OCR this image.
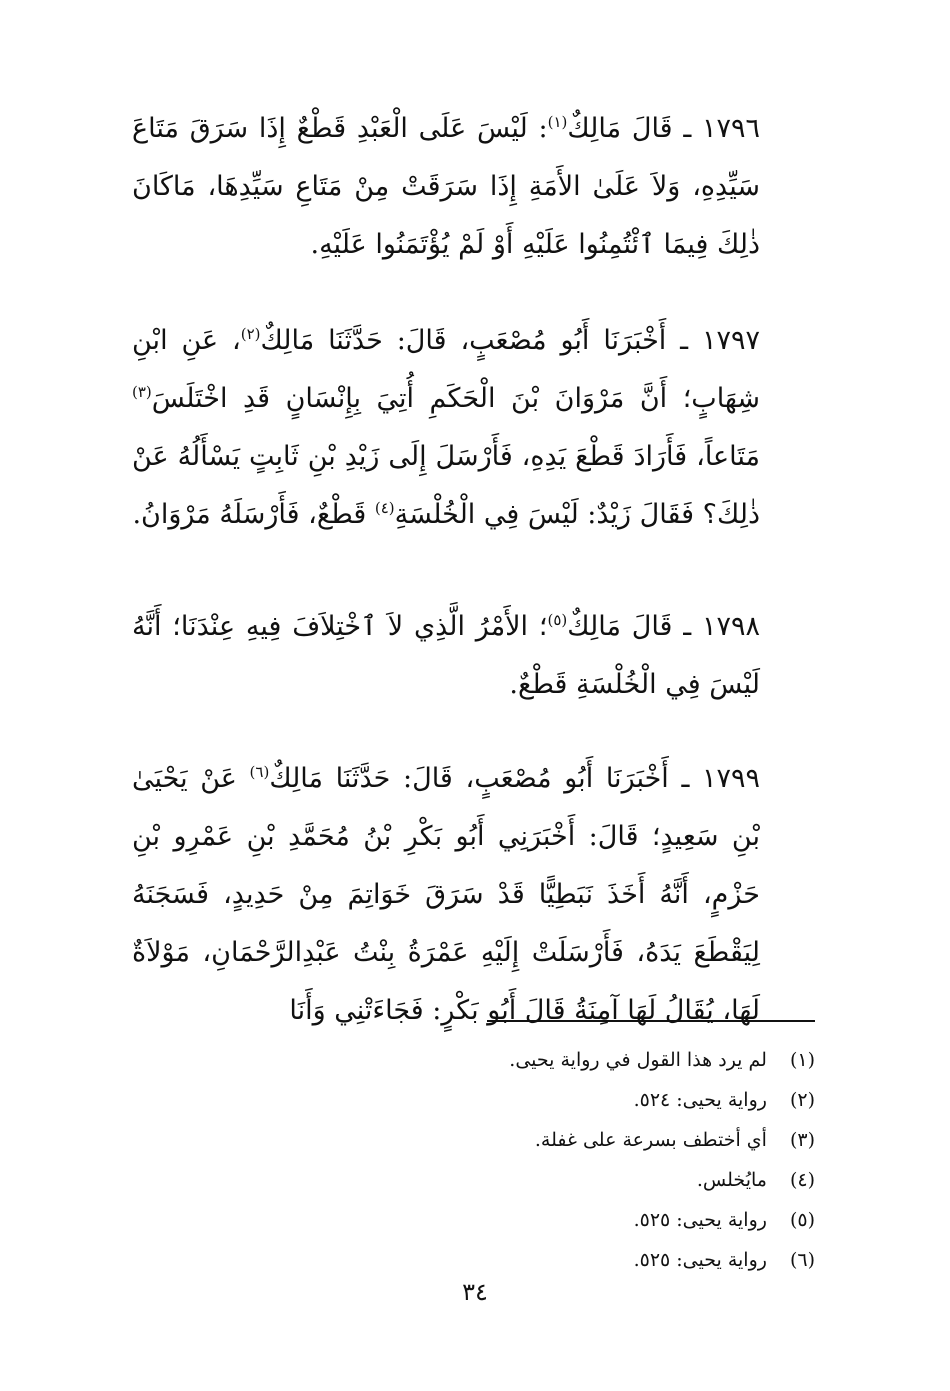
١٧٩٦ ـ قَالَ مَالِكٌ$^{(١)}$: لَيْسَ عَلَى الْعَبْدِ قَطْعٌ إِذَا سَرَقَ مَتَاعَ سَيِّدِهِ، وَلاَ عَلَىٰ الأَمَةِ إِذَا سَرَقَتْ مِنْ مَتَاعِ سَيِّدِهَا، مَاكَانَ ذٰلِكَ فِيمَا ٱئْتُمِنُوا عَلَيْهِ أَوْ لَمْ يُؤْتَمَنُوا عَلَيْهِ.

١٧٩٧ ـ أَخْبَرَنَا أَبُو مُصْعَبٍ، قَالَ: حَدَّثَنَا مَالِكٌ$^{(٢)}$، عَنِ ابْنِ شِهَابٍ؛ أَنَّ مَرْوَانَ بْنَ الْحَكَمِ أُتِيَ بِإِنْسَانٍ قَدِ اخْتَلَسَ$^{(٣)}$ مَتَاعاً، فَأَرَادَ قَطْعَ يَدِهِ، فَأَرْسَلَ إِلَى زَيْدِ بْنِ ثَابِتٍ يَسْأَلُهُ عَنْ ذٰلِكَ؟ فَقَالَ زَيْدٌ: لَيْسَ فِي الْخُلْسَةِ$^{(٤)}$ قَطْعٌ، فَأَرْسَلَهُ مَرْوَانُ.

١٧٩٨ ـ قَالَ مَالِكٌ$^{(٥)}$؛ الأَمْرُ الَّذِي لاَ ٱخْتِلاَفَ فِيهِ عِنْدَنَا؛ أَنَّهُ لَيْسَ فِي الْخُلْسَةِ قَطْعٌ.

١٧٩٩ ـ أَخْبَرَنَا أَبُو مُصْعَبٍ، قَالَ: حَدَّثَنَا مَالِكٌ$^{(٦)}$ عَنْ يَحْيَىٰ بْنِ سَعِيدٍ؛ قَالَ: أَخْبَرَنِي أَبُو بَكْرِ بْنُ مُحَمَّدِ بْنِ عَمْرِو بْنِ حَزْمٍ، أَنَّهُ أَخَذَ نَبَطِيًّا قَدْ سَرَقَ خَوَاتِمَ مِنْ حَدِيدٍ، فَسَجَنَهُ لِيَقْطَعَ يَدَهُ، فَأَرْسَلَتْ إِلَيْهِ عَمْرَةُ بِنْتُ عَبْدِالرَّحْمَانِ، مَوْلاَةٌ لَهَا، يُقَالُ لَهَا آمِنَةُ قَالَ أَبُو بَكْرٍ: فَجَاءَتْنِي وَأَنَا

(١) لم يرد هذا القول في رواية يحيى.
(٢) رواية يحيى: ٥٢٤.
(٣) أي أختطف بسرعة على غفلة.
(٤) مايُخلس.
(٥) رواية يحيى: ٥٢٥.
(٦) رواية يحيى: ٥٢٥.
٣٤
